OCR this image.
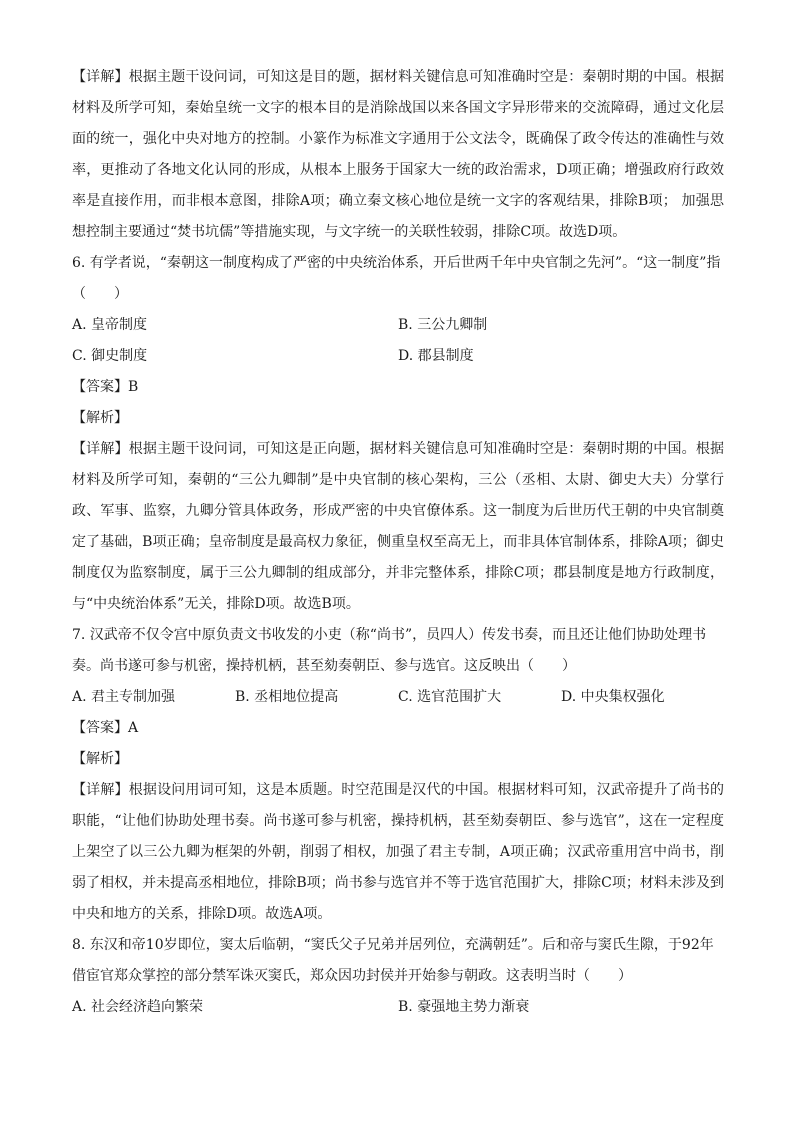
【详解】根据主题干设问词，可知这是目的题，据材料关键信息可知准确时空是：秦朝时期的中国。根据材料及所学可知，秦始皇统一文字的根本目的是消除战国以来各国文字异形带来的交流障碍，通过文化层面的统一，强化中央对地方的控制。小篆作为标准文字通用于公文法令，既确保了政令传达的准确性与效率，更推动了各地文化认同的形成，从根本上服务于国家大一统的政治需求，D项正确；增强政府行政效率是直接作用，而非根本意图，排除A项；确立秦文核心地位是统一文字的客观结果，排除B项； 加强思想控制主要通过“焚书坑儒”等措施实现，与文字统一的关联性较弱，排除C项。故选D项。

6. 有学者说，“秦朝这一制度构成了严密的中央统治体系，开后世两千年中央官制之先河”。“这一制度”指（　　）

A. 皇帝制度	B. 三公九卿制
C. 御史制度	D. 郡县制度
【答案】B
【解析】

【详解】根据主题干设问词，可知这是正向题，据材料关键信息可知准确时空是：秦朝时期的中国。根据材料及所学可知，秦朝的“三公九卿制”是中央官制的核心架构，三公（丞相、太尉、御史大夫）分掌行政、军事、监察，九卿分管具体政务，形成严密的中央官僚体系。这一制度为后世历代王朝的中央官制奠定了基础，B项正确；皇帝制度是最高权力象征，侧重皇权至高无上，而非具体官制体系，排除A项；御史制度仅为监察制度，属于三公九卿制的组成部分，并非完整体系，排除C项；郡县制度是地方行政制度，与“中央统治体系”无关，排除D项。故选B项。

7. 汉武帝不仅令宫中原负责文书收发的小吏（称“尚书”，员四人）传发书奏，而且还让他们协助处理书奏。尚书遂可参与机密，操持机柄，甚至劾奏朝臣、参与选官。这反映出（　　）

A. 君主专制加强	B. 丞相地位提高	C. 选官范围扩大	D. 中央集权强化
【答案】A
【解析】

【详解】根据设问用词可知，这是本质题。时空范围是汉代的中国。根据材料可知，汉武帝提升了尚书的职能，“让他们协助处理书奏。尚书遂可参与机密，操持机柄，甚至劾奏朝臣、参与选官”，这在一定程度上架空了以三公九卿为框架的外朝，削弱了相权，加强了君主专制，A项正确；汉武帝重用宫中尚书，削弱了相权，并未提高丞相地位，排除B项；尚书参与选官并不等于选官范围扩大，排除C项；材料未涉及到中央和地方的关系，排除D项。故选A项。

8. 东汉和帝10岁即位，窦太后临朝，“窦氏父子兄弟并居列位，充满朝廷”。后和帝与窦氏生隙，于92年借宦官郑众掌控的部分禁军诛灭窦氏，郑众因功封侯并开始参与朝政。这表明当时（　　）

A. 社会经济趋向繁荣	B. 豪强地主势力渐衰
